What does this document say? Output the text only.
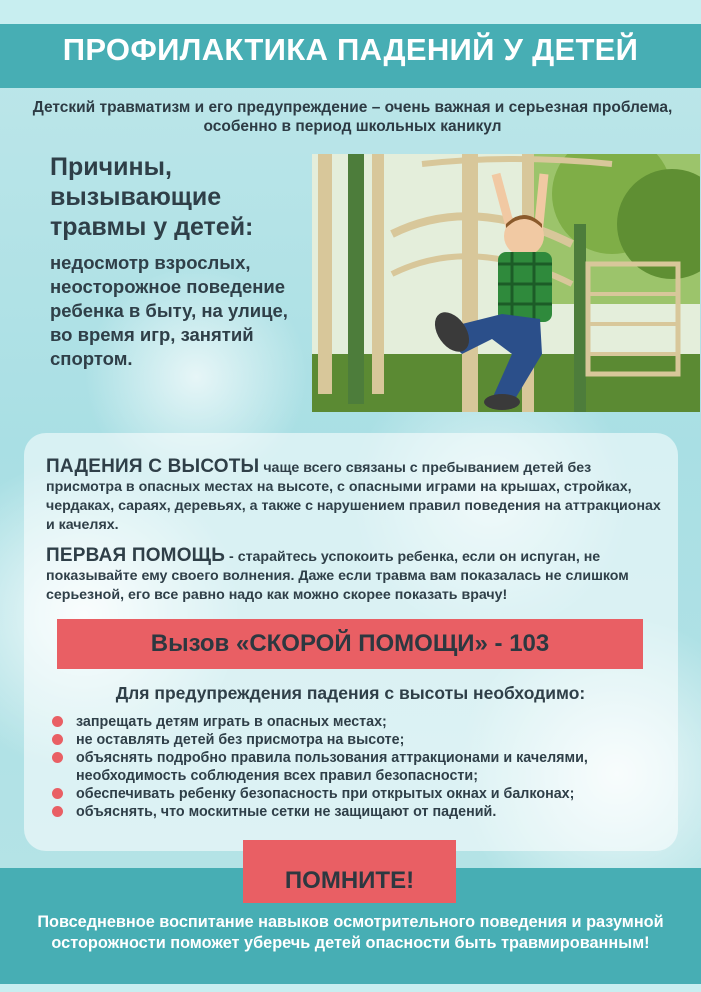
ПРОФИЛАКТИКА ПАДЕНИЙ У ДЕТЕЙ
Детский травматизм и его предупреждение – очень важная и серьезная проблема, особенно в период школьных каникул
Причины, вызывающие травмы у детей:
недосмотр взрослых, неосторожное поведение ребенка в быту, на улице, во время игр, занятий спортом.
ПАДЕНИЯ С ВЫСОТЫ чаще всего связаны с пребыванием детей без присмотра в опасных местах на высоте, с опасными играми на крышах, стройках, чердаках, сараях, деревьях, а также с нарушением правил поведения на аттракционах и качелях.
ПЕРВАЯ ПОМОЩЬ - старайтесь успокоить ребенка, если он испуган, не показывайте ему своего волнения. Даже если травма вам показалась не слишком серьезной, его все равно надо как можно скорее показать врачу!
Вызов «СКОРОЙ ПОМОЩИ» - 103
Для предупреждения падения с высоты необходимо:
запрещать детям играть в опасных местах;
не оставлять детей без присмотра на высоте;
объяснять подробно правила пользования аттракционами и качелями, необходимость соблюдения всех правил безопасности;
обеспечивать ребенку безопасность при открытых окнах и балконах;
объяснять, что москитные сетки не защищают от падений.
ПОМНИТЕ!
Повседневное воспитание навыков осмотрительного поведения и разумной осторожности поможет уберечь детей опасности быть травмированным!
